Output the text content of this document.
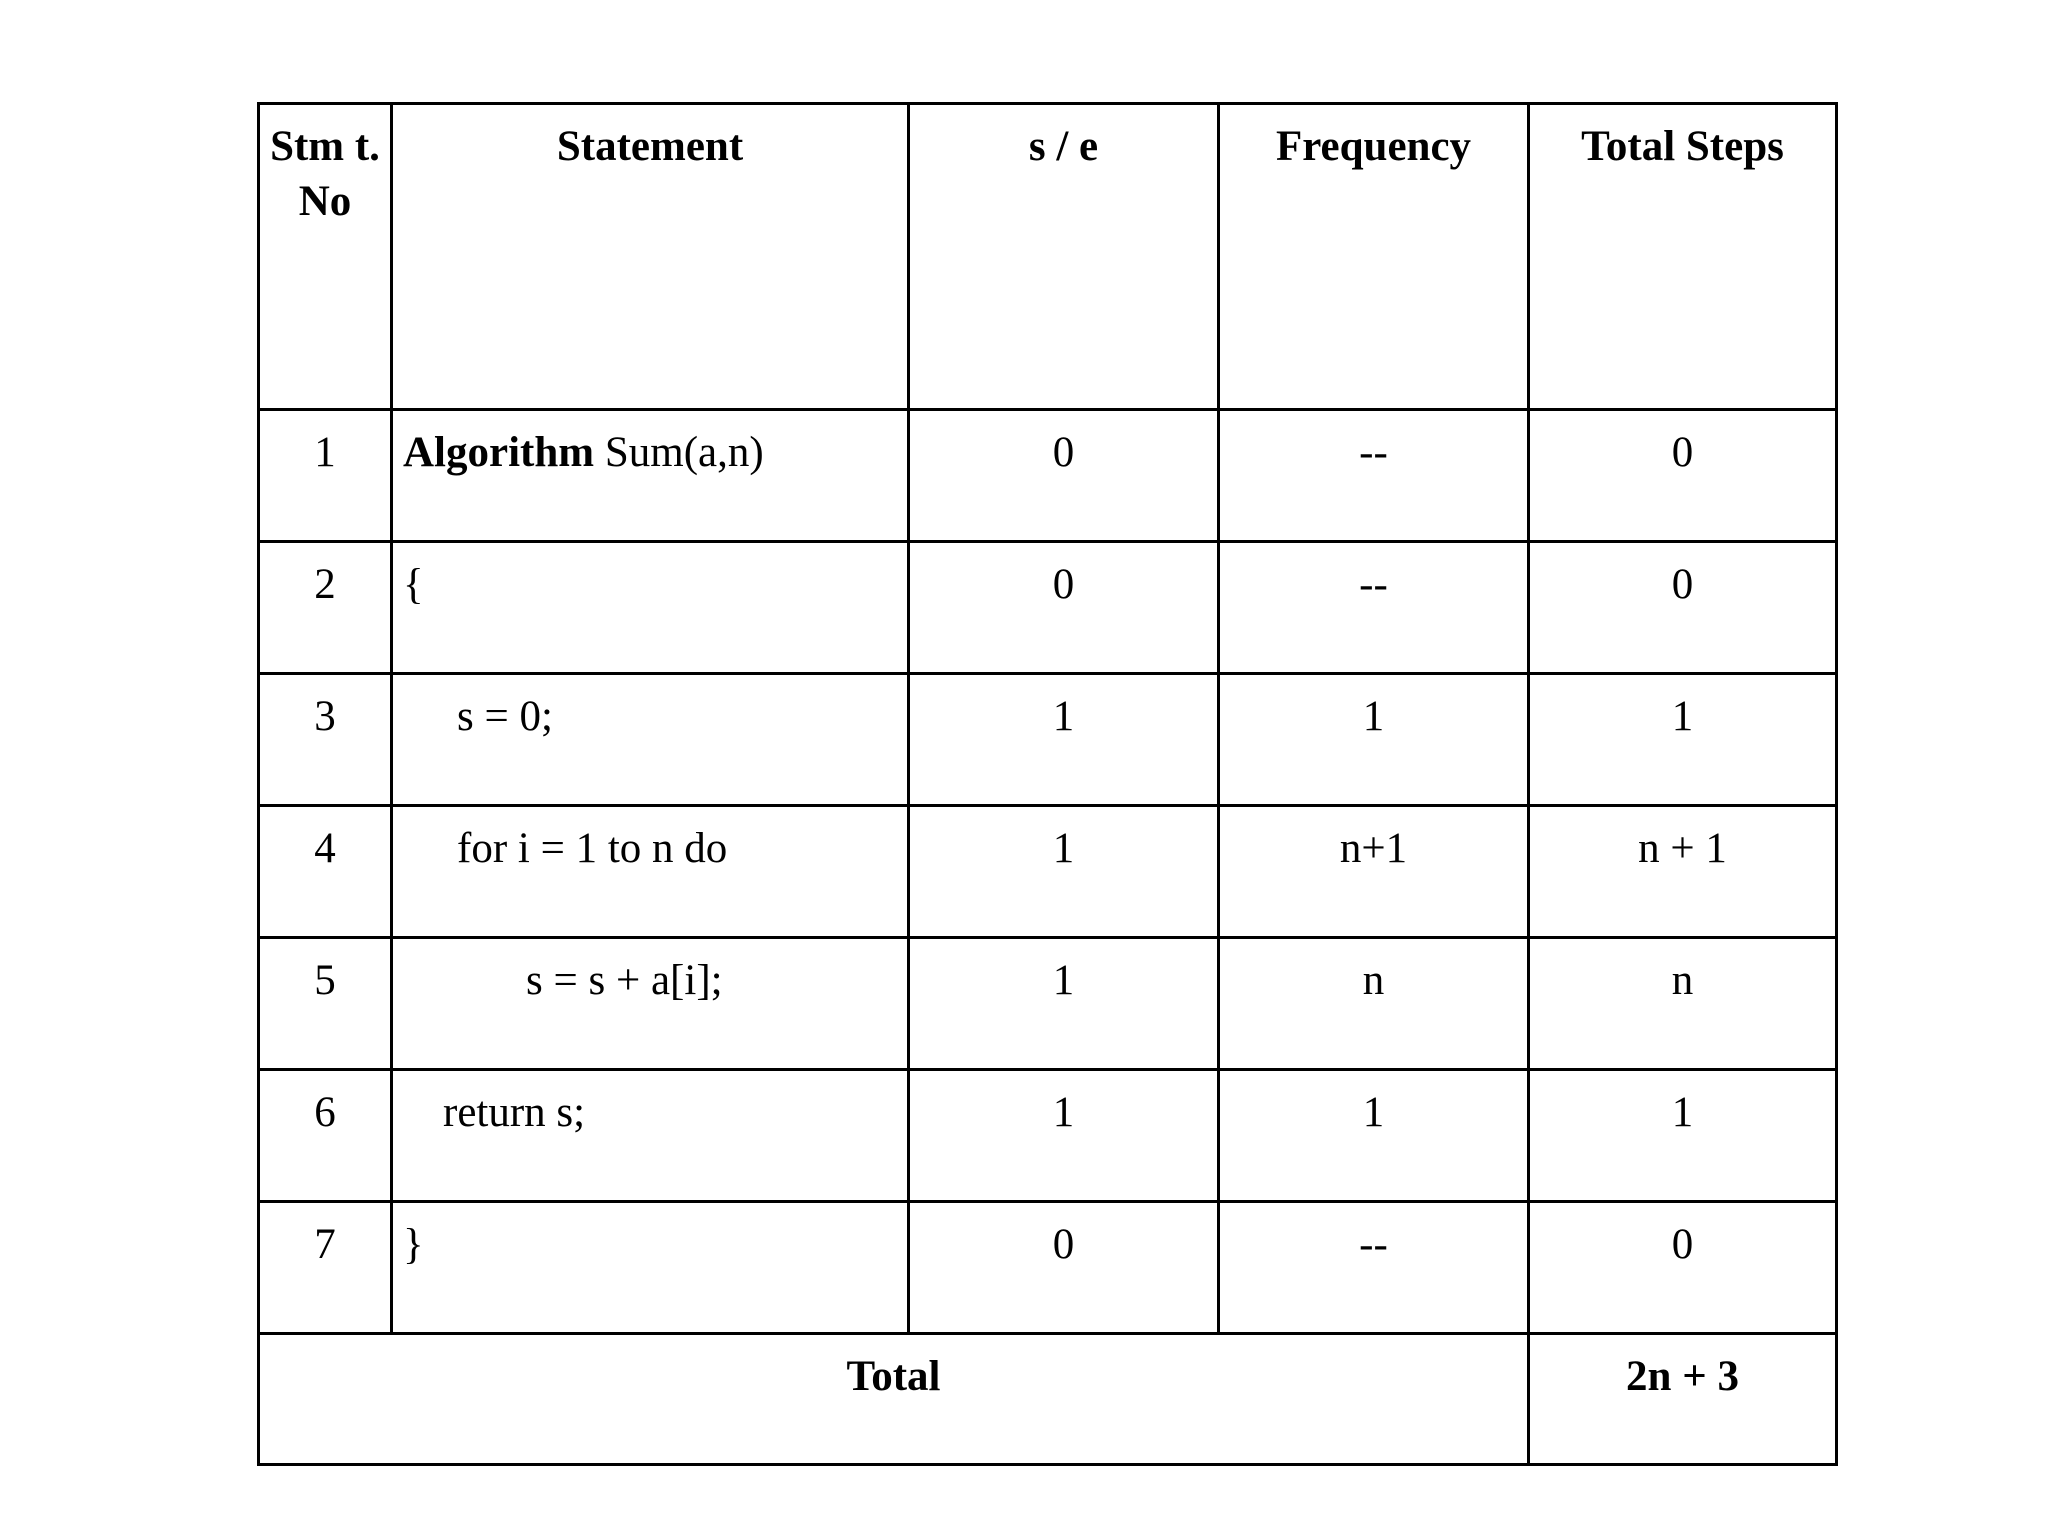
Stm t. No	Statement	s / e	Frequency	Total Steps
1	Algorithm Sum(a,n)	0	--	0
2	{	0	--	0
3	s = 0;	1	1	1
4	for i = 1 to n do	1	n+1	n + 1
5	s = s + a[i];	1	n	n
6	return s;	1	1	1
7	}	0	--	0
Total				2n + 3
